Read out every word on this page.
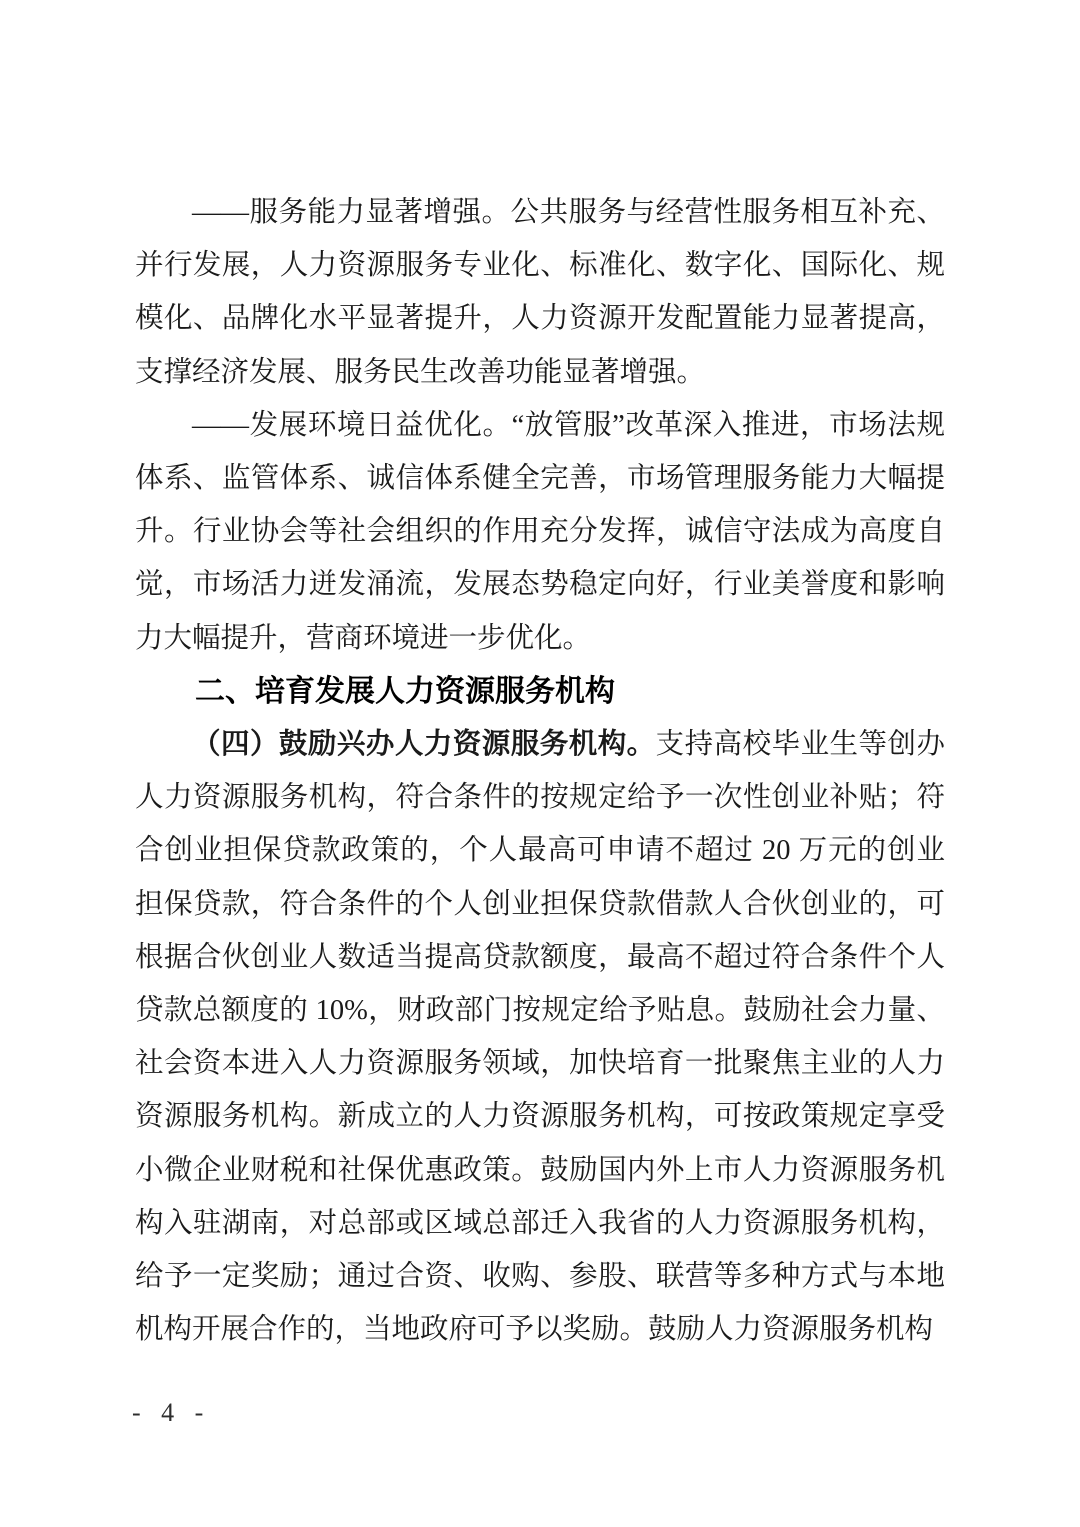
——服务能力显著增强。公共服务与经营性服务相互补充、并行发展，人力资源服务专业化、标准化、数字化、国际化、规模化、品牌化水平显著提升，人力资源开发配置能力显著提高，支撑经济发展、服务民生改善功能显著增强。

——发展环境日益优化。“放管服”改革深入推进，市场法规体系、监管体系、诚信体系健全完善，市场管理服务能力大幅提升。行业协会等社会组织的作用充分发挥，诚信守法成为高度自觉，市场活力迸发涌流，发展态势稳定向好，行业美誉度和影响力大幅提升，营商环境进一步优化。

二、培育发展人力资源服务机构

（四）鼓励兴办人力资源服务机构。支持高校毕业生等创办人力资源服务机构，符合条件的按规定给予一次性创业补贴；符合创业担保贷款政策的，个人最高可申请不超过 20 万元的创业担保贷款，符合条件的个人创业担保贷款借款人合伙创业的，可根据合伙创业人数适当提高贷款额度，最高不超过符合条件个人贷款总额度的 10%，财政部门按规定给予贴息。鼓励社会力量、社会资本进入人力资源服务领域，加快培育一批聚焦主业的人力资源服务机构。新成立的人力资源服务机构，可按政策规定享受小微企业财税和社保优惠政策。鼓励国内外上市人力资源服务机构入驻湖南，对总部或区域总部迁入我省的人力资源服务机构，给予一定奖励；通过合资、收购、参股、联营等多种方式与本地机构开展合作的，当地政府可予以奖励。鼓励人力资源服务机构

- 4 -
